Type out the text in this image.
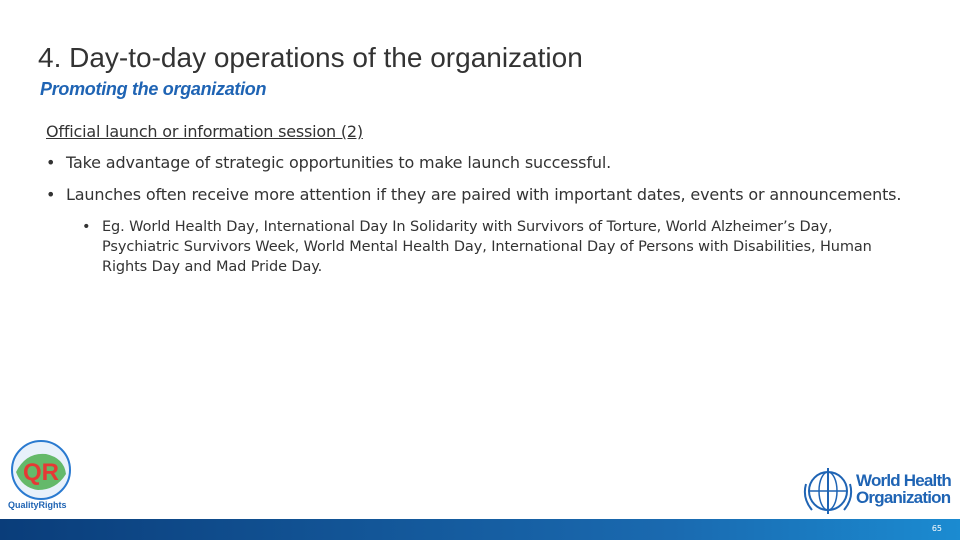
4. Day-to-day operations of the organization
Promoting the organization
Official launch or information session (2)
• Take advantage of strategic opportunities to make launch successful.
• Launches often receive more attention if they are paired with important dates, events or announcements.
• Eg. World Health Day, International Day In Solidarity with Survivors of Torture, World Alzheimer’s Day, Psychiatric Survivors Week, World Mental Health Day, International Day of Persons with Disabilities, Human Rights Day and Mad Pride Day.
QR
QualityRights
World Health
Organization
65
